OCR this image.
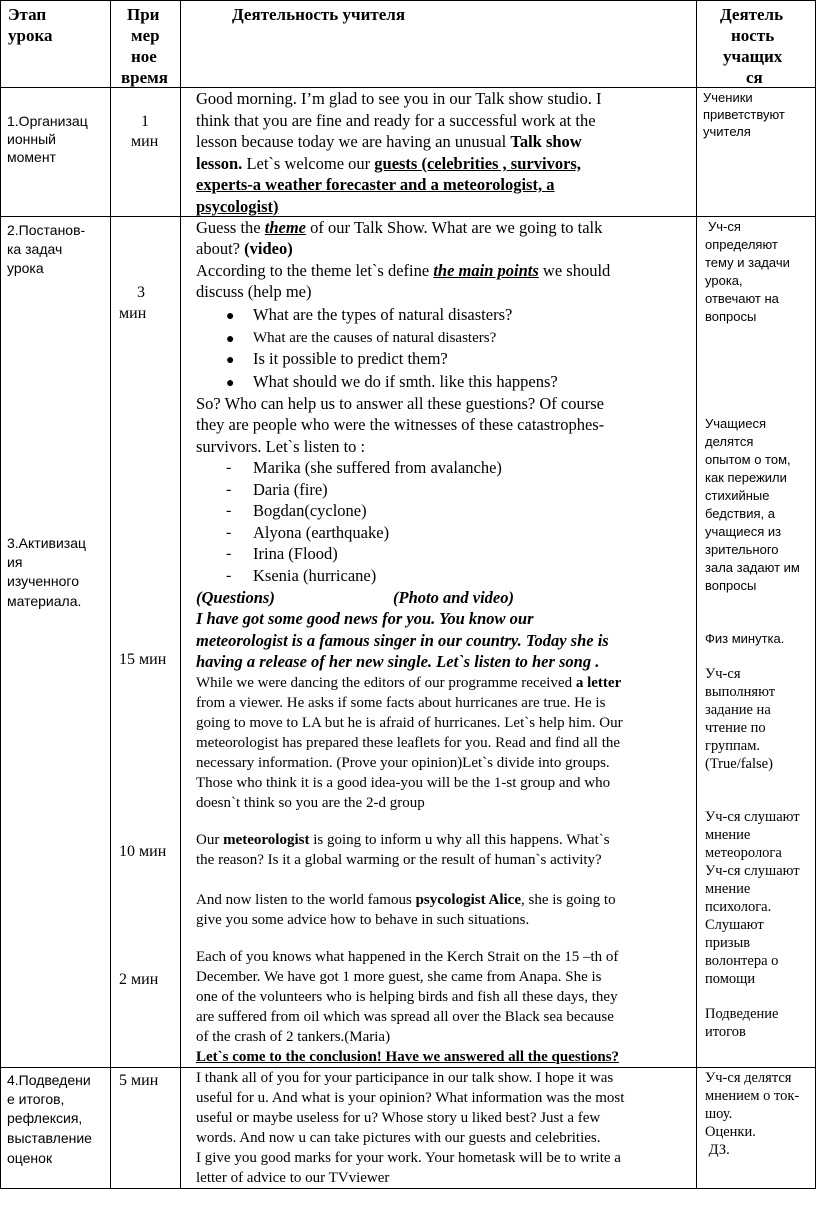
Этап
урока
При
мер
ное
время
Деятельность учителя	Деятель
ность
учащих
ся
1.Организац
ионный
момент
2.Постанов-
ка задач
урока
3.Активизац
ия
изученного
материала.
4.Подведени
е итогов,
рефлексия,
выставление
оценок
1
мин
3
мин
15 мин
10 мин
2 мин
5 мин
Good morning. I’m glad to see you in our Talk show studio. I
think that you are fine and ready for a successful work at the
lesson because today we are having an unusual Talk show
lesson. Let`s welcome our guests (celebrities , survivors,
experts-a weather forecaster and a meteorologist, a
psycologist)
Ученики
приветствуют
учителя
Guess the theme of our Talk Show. What are we going to talk
about? (video)
According to the theme let`s define the main points we should
discuss (help me)
● What are the types of natural disasters?
● What are the causes of natural disasters?
● Is it possible to predict them?
● What should we do if smth. like this happens?
So? Who can help us to answer all these guestions? Of course
they are people who were the witnesses of these catastrophes-
survivors. Let`s listen to :
- Marika (she suffered from avalanche)
- Daria (fire)
- Bogdan(cyclone)
- Alyona (earthquake)
- Irina (Flood)
- Ksenia (hurricane)
(Questions)	(Photo and video)
I have got some good news for you. You know our
meteorologist is a famous singer in our country. Today she is
having a release of her new single. Let`s listen to her song .
While we were dancing the editors of our programme received a letter
from a viewer. He asks if some facts about hurricanes are true. He is
going to move to LA but he is afraid of hurricanes. Let`s help him. Our
meteorologist has prepared these leaflets for you. Read and find all the
necessary information. (Prove your opinion)Let`s divide into groups.
Those who think it is a good idea-you will be the 1-st group and who
doesn`t think so you are the 2-d group
Our meteorologist is going to inform u why all this happens. What`s
the reason? Is it a global warming or the result of human`s activity?
And now listen to the world famous psycologist Alice, she is going to
give you some advice how to behave in such situations.
Each of you knows what happened in the Kerch Strait on the 15 –th of
December. We have got 1 more guest, she came from Anapa. She is
one of the volunteers who is helping birds and fish all these days, they
are suffered from oil which was spread all over the Black sea because
of the crash of 2 tankers.(Maria)
Let`s come to the conclusion! Have we answered all the questions?
Уч-ся
определяют
тему и задачи
урока,
отвечают на
вопросы
Учащиеся
делятся
опытом о том,
как пережили
стихийные
бедствия, а
учащиеся из
зрительного
зала задают им
вопросы
Физ минутка.
Уч-ся
выполняют
задание на
чтение по
группам.
(True/false)
Уч-ся слушают
мнение
метеоролога
Уч-ся слушают
мнение
психолога.
Слушают
призыв
волонтера о
помощи
Подведение
итогов
I thank all of you for your participance in our talk show. I hope it was
useful for u. And what is your opinion? What information was the most
useful or maybe useless for u? Whose story u liked best? Just a few
words. And now u can take pictures with our guests and celebrities.
I give you good marks for your work. Your hometask will be to write a
letter of advice to our TVviewer
Уч-ся делятся
мнением о ток-
шоу.
Оценки.
ДЗ.
